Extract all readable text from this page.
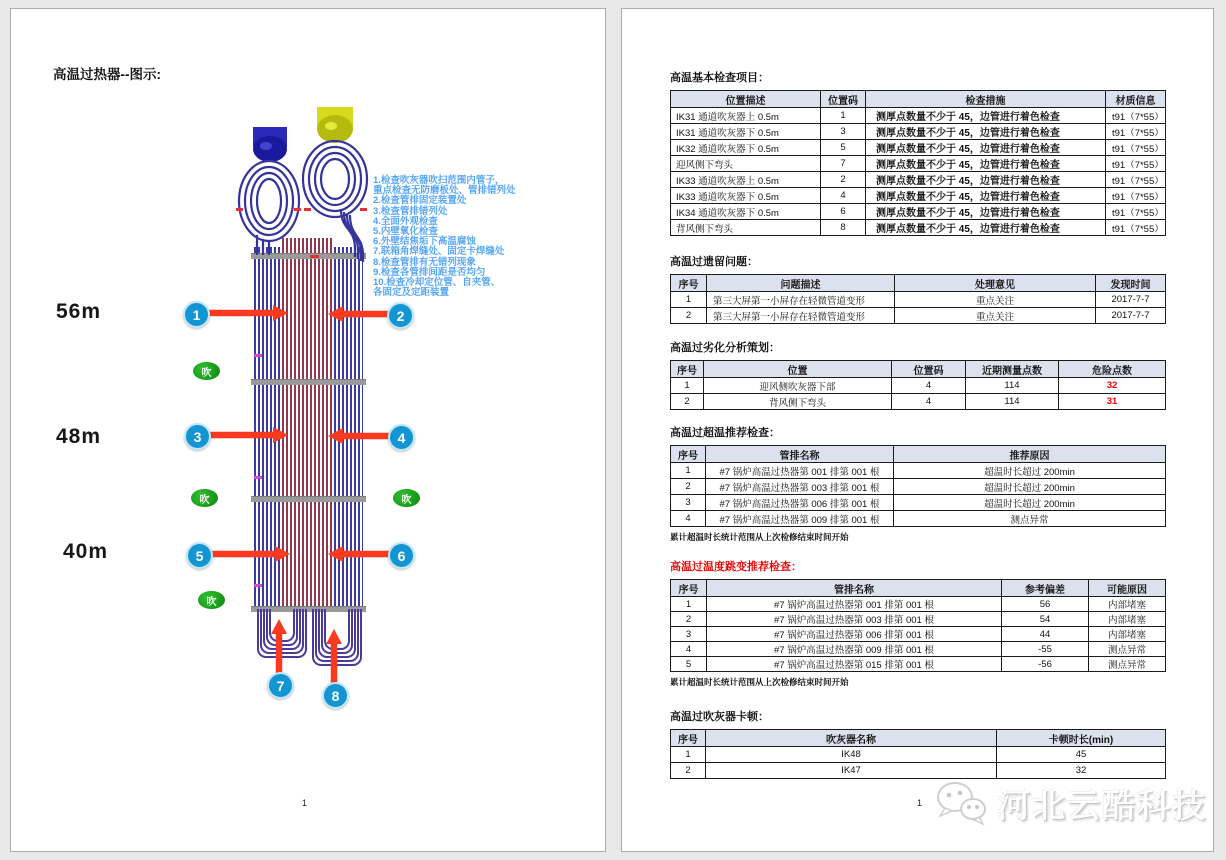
高温过热器--图示:
1	2
3	4
5	6
7
8
吹
吹	吹
吹
56m
48m
40m
1.检查吹灰器吹扫范围内管子，
重点检查无防磨板处、管排错列处
2.检查管排固定装置处
3.检查管排错列处
4.全面外观检查
5.内壁氧化检查
6.外壁结焦垢下高温腐蚀
7.联箱角焊缝处、固定卡焊缝处
8.检查管排有无错列现象
9.检查各管排间距是否均匀
10.检查冷却定位管、自夹管、
各固定及定距装置
1
高温基本检查项目：
位置描述	位置码	检查措施	材质信息
IK31 通道吹灰器上 0.5m	1	测厚点数量不少于 45，边管进行着色检查	t91（7*55）
IK31 通道吹灰器下 0.5m	3	测厚点数量不少于 45，边管进行着色检查	t91（7*55）
IK32 通道吹灰器下 0.5m	5	测厚点数量不少于 45，边管进行着色检查	t91（7*55）
迎风侧下弯头	7	测厚点数量不少于 45，边管进行着色检查	t91（7*55）
IK33 通道吹灰器上 0.5m	2	测厚点数量不少于 45，边管进行着色检查	t91（7*55）
IK33 通道吹灰器下 0.5m	4	测厚点数量不少于 45，边管进行着色检查	t91（7*55）
IK34 通道吹灰器下 0.5m	6	测厚点数量不少于 45，边管进行着色检查	t91（7*55）
背风侧下弯头	8	测厚点数量不少于 45，边管进行着色检查	t91（7*55）
高温过遗留问题：
序号	问题描述	处理意见	发现时间
1	第三大屏第一小屏存在轻微管道变形	重点关注	2017-7-7
2	第三大屏第一小屏存在轻微管道变形	重点关注	2017-7-7
高温过劣化分析策划：
序号	位置	位置码	近期测量点数	危险点数
1	迎风侧吹灰器下部	4	114	32
2	背风侧下弯头	4	114	31
高温过超温推荐检查：
序号	管排名称	推荐原因
1	#7 锅炉高温过热器第 001 排第 001 根	超温时长超过 200min
2	#7 锅炉高温过热器第 003 排第 001 根	超温时长超过 200min
3	#7 锅炉高温过热器第 006 排第 001 根	超温时长超过 200min
4	#7 锅炉高温过热器第 009 排第 001 根	测点异常
累计超温时长统计范围从上次检修结束时间开始
高温过温度跳变推荐检查：
序号	管排名称	参考偏差	可能原因
1	#7 锅炉高温过热器第 001 排第 001 根	56	内部堵塞
2	#7 锅炉高温过热器第 003 排第 001 根	54	内部堵塞
3	#7 锅炉高温过热器第 006 排第 001 根	44	内部堵塞
4	#7 锅炉高温过热器第 009 排第 001 根	-55	测点异常
5	#7 锅炉高温过热器第 015 排第 001 根	-56	测点异常
累计超温时长统计范围从上次检修结束时间开始
高温过吹灰器卡顿：
序号	吹灰器名称	卡顿时长(min)
1	IK48	45
2	IK47	32
1 河北云酷科技
